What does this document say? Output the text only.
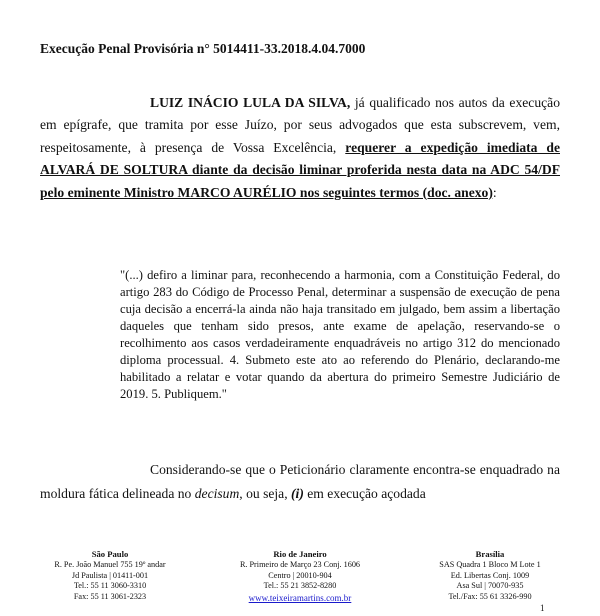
Execução Penal Provisória n° 5014411-33.2018.4.04.7000

LUIZ INÁCIO LULA DA SILVA, já qualificado nos autos da execução em epígrafe, que tramita por esse Juízo, por seus advogados que esta subscrevem, vem, respeitosamente, à presença de Vossa Excelência, requerer a expedição imediata de ALVARÁ DE SOLTURA diante da decisão liminar proferida nesta data na ADC 54/DF pelo eminente Ministro MARCO AURÉLIO nos seguintes termos (doc. anexo):

"(...) defiro a liminar para, reconhecendo a harmonia, com a Constituição Federal, do artigo 283 do Código de Processo Penal, determinar a suspensão de execução de pena cuja decisão a encerrá-la ainda não haja transitado em julgado, bem assim a libertação daqueles que tenham sido presos, ante exame de apelação, reservando-se o recolhimento aos casos verdadeiramente enquadráveis no artigo 312 do mencionado diploma processual. 4. Submeto este ato ao referendo do Plenário, declarando-me habilitado a relatar e votar quando da abertura do primeiro Semestre Judiciário de 2019. 5. Publiquem."

Considerando-se que o Peticionário claramente encontra-se enquadrado na moldura fática delineada no decisum, ou seja, (i) em execução açodada

São Paulo
R. Pe. João Manuel 755 19º andar
Jd Paulista | 01411-001
Tel.: 55 11 3060-3310
Fax: 55 11 3061-2323
Rio de Janeiro
R. Primeiro de Março 23 Conj. 1606
Centro | 20010-904
Tel.: 55 21 3852-8280
Brasília
SAS Quadra 1 Bloco M Lote 1
Ed. Libertas Conj. 1009
Asa Sul | 70070-935
Tel./Fax: 55 61 3326-990
www.teixeiramartins.com.br
1
